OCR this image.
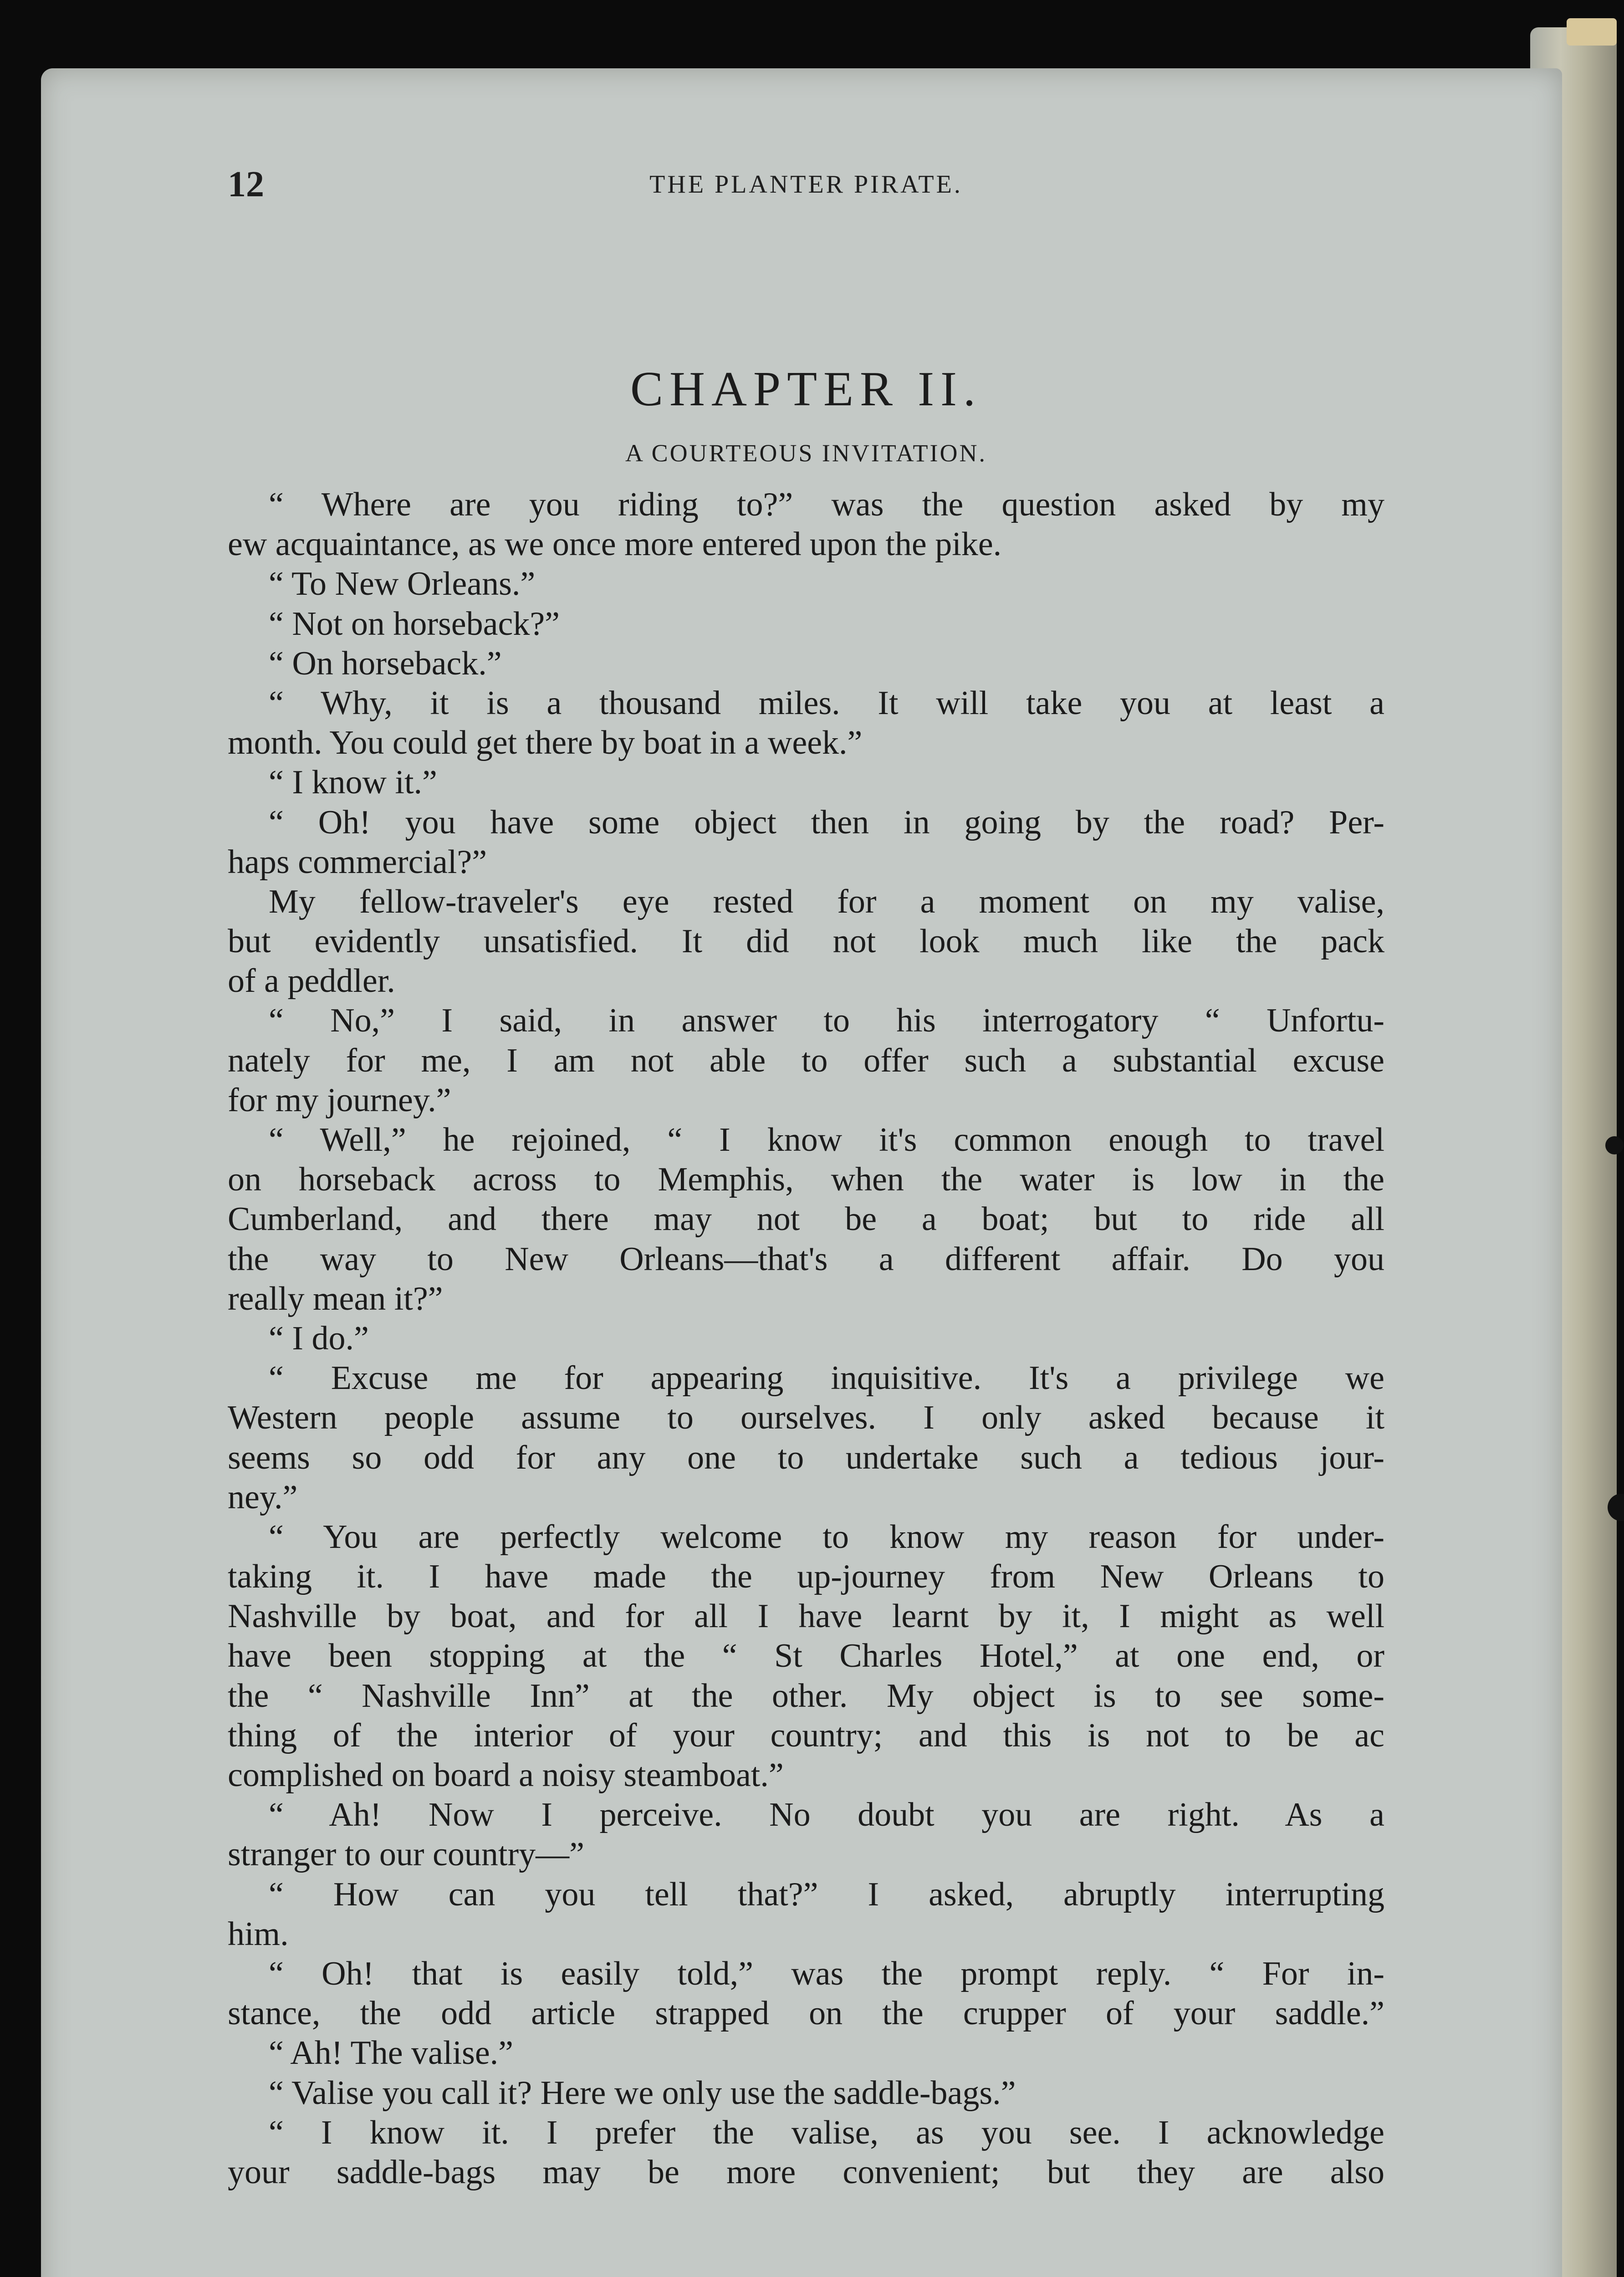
12	THE PLANTER PIRATE.
CHAPTER II.
A COURTEOUS INVITATION.
“ Where are you riding to?” was the question asked by my
ew acquaintance, as we once more entered upon the pike.
“ To New Orleans.”
“ Not on horseback?”
“ On horseback.”
“ Why, it is a thousand miles. It will take you at least a
month. You could get there by boat in a week.”
“ I know it.”
“ Oh! you have some object then in going by the road? Per-
haps commercial?”
My fellow-traveler's eye rested for a moment on my valise,
but evidently unsatisfied. It did not look much like the pack
of a peddler.
“ No,” I said, in answer to his interrogatory “ Unfortu-
nately for me, I am not able to offer such a substantial excuse
for my journey.”
“ Well,” he rejoined, “ I know it's common enough to travel
on horseback across to Memphis, when the water is low in the
Cumberland, and there may not be a boat; but to ride all
the way to New Orleans—that's a different affair. Do you
really mean it?”
“ I do.”
“ Excuse me for appearing inquisitive. It's a privilege we
Western people assume to ourselves. I only asked because it
seems so odd for any one to undertake such a tedious jour-
ney.”
“ You are perfectly welcome to know my reason for under-
taking it. I have made the up-journey from New Orleans to
Nashville by boat, and for all I have learnt by it, I might as well
have been stopping at the “ St Charles Hotel,” at one end, or
the “ Nashville Inn” at the other. My object is to see some-
thing of the interior of your country; and this is not to be ac
complished on board a noisy steamboat.”
“ Ah! Now I perceive. No doubt you are right. As a
stranger to our country—”
“ How can you tell that?” I asked, abruptly interrupting
him.
“ Oh! that is easily told,” was the prompt reply. “ For in-
stance, the odd article strapped on the crupper of your saddle.”
“ Ah! The valise.”
“ Valise you call it? Here we only use the saddle-bags.”
“ I know it. I prefer the valise, as you see. I acknowledge
your saddle-bags may be more convenient; but they are also
